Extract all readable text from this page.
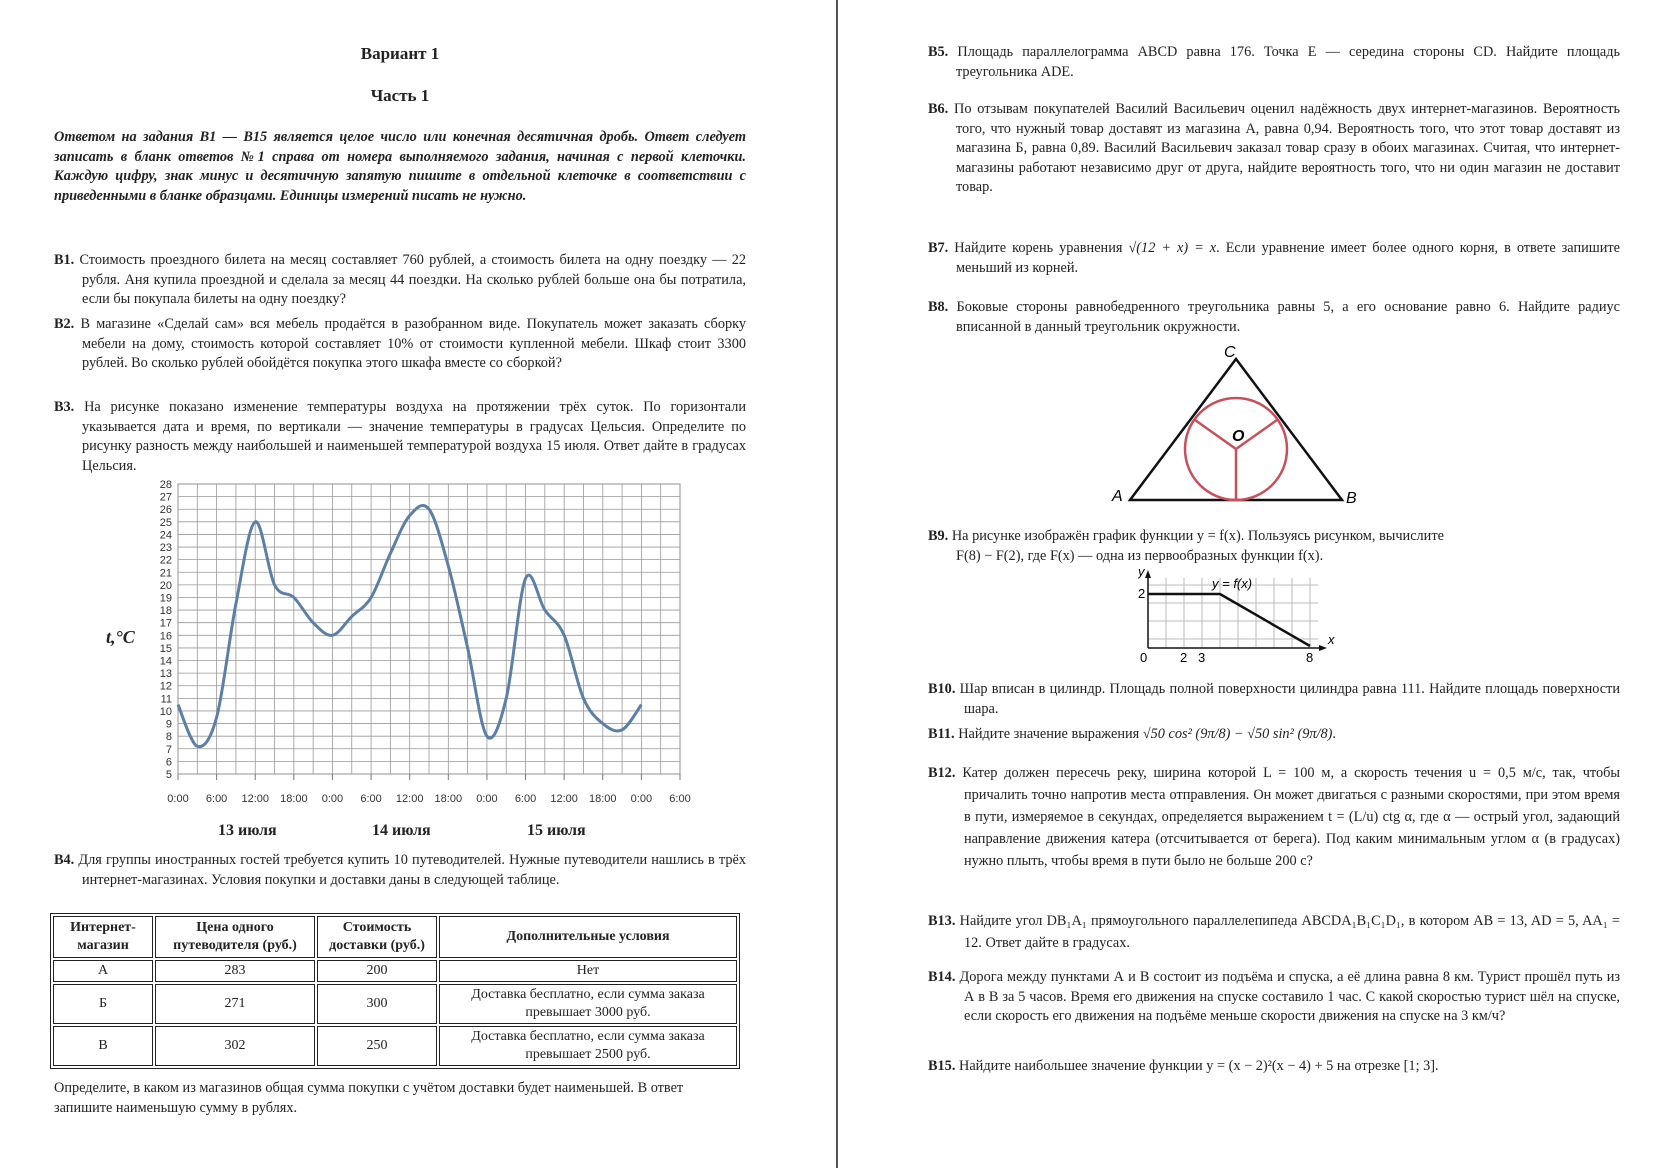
Вариант 1
Часть 1
Ответом на задания B1 — B15 является целое число или конечная десятичная дробь. Ответ следует записать в бланк ответов №1 справа от номера выполняемого задания, начиная с первой клеточки. Каждую цифру, знак минус и десятичную запятую пишите в отдельной клеточке в соответствии с приведенными в бланке образцами. Единицы измерений писать не нужно.
B1. Стоимость проездного билета на месяц составляет 760 рублей, а стоимость билета на одну поездку — 22 рубля. Аня купила проездной и сделала за месяц 44 поездки. На сколько рублей больше она бы потратила, если бы покупала билеты на одну поездку?
B2. В магазине «Сделай сам» вся мебель продаётся в разобранном виде. Покупатель может заказать сборку мебели на дому, стоимость которой составляет 10% от стоимости купленной мебели. Шкаф стоит 3300 рублей. Во сколько рублей обойдётся покупка этого шкафа вместе со сборкой?
B3. На рисунке показано изменение температуры воздуха на протяжении трёх суток. По горизонтали указывается дата и время, по вертикали — значение температуры в градусах Цельсия. Определите по рисунку разность между наибольшей и наименьшей температурой воздуха 15 июля. Ответ дайте в градусах Цельсия.
t,°C
5
6
7
8
9
10
11
12
13
14
15
16
17
18
19
20
21
22
23
24
25
26
27
28
0:00 6:00 12:00 18:00 0:00 6:00 12:00 18:00 0:00 6:00 12:00 18:00 0:00 6:00
13 июля	14 июля	15 июля
B4. Для группы иностранных гостей требуется купить 10 путеводителей. Нужные путеводители нашлись в трёх интернет-магазинах. Условия покупки и доставки даны в следующей таблице.
Интернет-магазин	Цена одного путеводителя (руб.)	Стоимость доставки (руб.)	Дополнительные условия
А	283	200	Нет
Б	271	300	Доставка бесплатно, если сумма заказа превышает 3000 руб.
В	302	250	Доставка бесплатно, если сумма заказа превышает 2500 руб.
Определите, в каком из магазинов общая сумма покупки с учётом доставки будет наименьшей. В ответ запишите наименьшую сумму в рублях.
B5. Площадь параллелограмма ABCD равна 176. Точка E — середина стороны CD. Найдите площадь треугольника ADE.
B6. По отзывам покупателей Василий Васильевич оценил надёжность двух интернет-магазинов. Вероятность того, что нужный товар доставят из магазина А, равна 0,94. Вероятность того, что этот товар доставят из магазина Б, равна 0,89. Василий Васильевич заказал товар сразу в обоих магазинах. Считая, что интернет-магазины работают независимо друг от друга, найдите вероятность того, что ни один магазин не доставит товар.
B7. Найдите корень уравнения √(12 + x) = x. Если уравнение имеет более одного корня, в ответе запишите меньший из корней.
B8. Боковые стороны равнобедренного треугольника равны 5, а его основание равно 6. Найдите радиус вписанной в данный треугольник окружности.
A	B
C
O
B9. На рисунке изображён график функции y = f(x). Пользуясь рисунком, вычислите
F(8) − F(2), где F(x) — одна из первообразных функции f(x).
y
x
y = f(x)
2
0	2 3	8
B10. Шар вписан в цилиндр. Площадь полной поверхности цилиндра равна 111. Найдите площадь поверхности шара.
B11. Найдите значение выражения √50 cos² (9π/8) − √50 sin² (9π/8).
B12. Катер должен пересечь реку, ширина которой L = 100 м, а скорость течения u = 0,5 м/с, так, чтобы причалить точно напротив места отправления. Он может двигаться с разными скоростями, при этом время в пути, измеряемое в секундах, определяется выражением t = (L/u) ctg α, где α — острый угол, задающий направление движения катера (отсчитывается от берега). Под каким минимальным углом α (в градусах) нужно плыть, чтобы время в пути было не больше 200 с?
B13. Найдите угол DB₁A₁ прямоугольного параллелепипеда ABCDA₁B₁C₁D₁, в котором AB = 13, AD = 5, AA₁ = 12. Ответ дайте в градусах.
B14. Дорога между пунктами А и В состоит из подъёма и спуска, а её длина равна 8 км. Турист прошёл путь из А в В за 5 часов. Время его движения на спуске составило 1 час. С какой скоростью турист шёл на спуске, если скорость его движения на подъёме меньше скорости движения на спуске на 3 км/ч?
B15. Найдите наибольшее значение функции y = (x − 2)²(x − 4) + 5 на отрезке [1; 3].
